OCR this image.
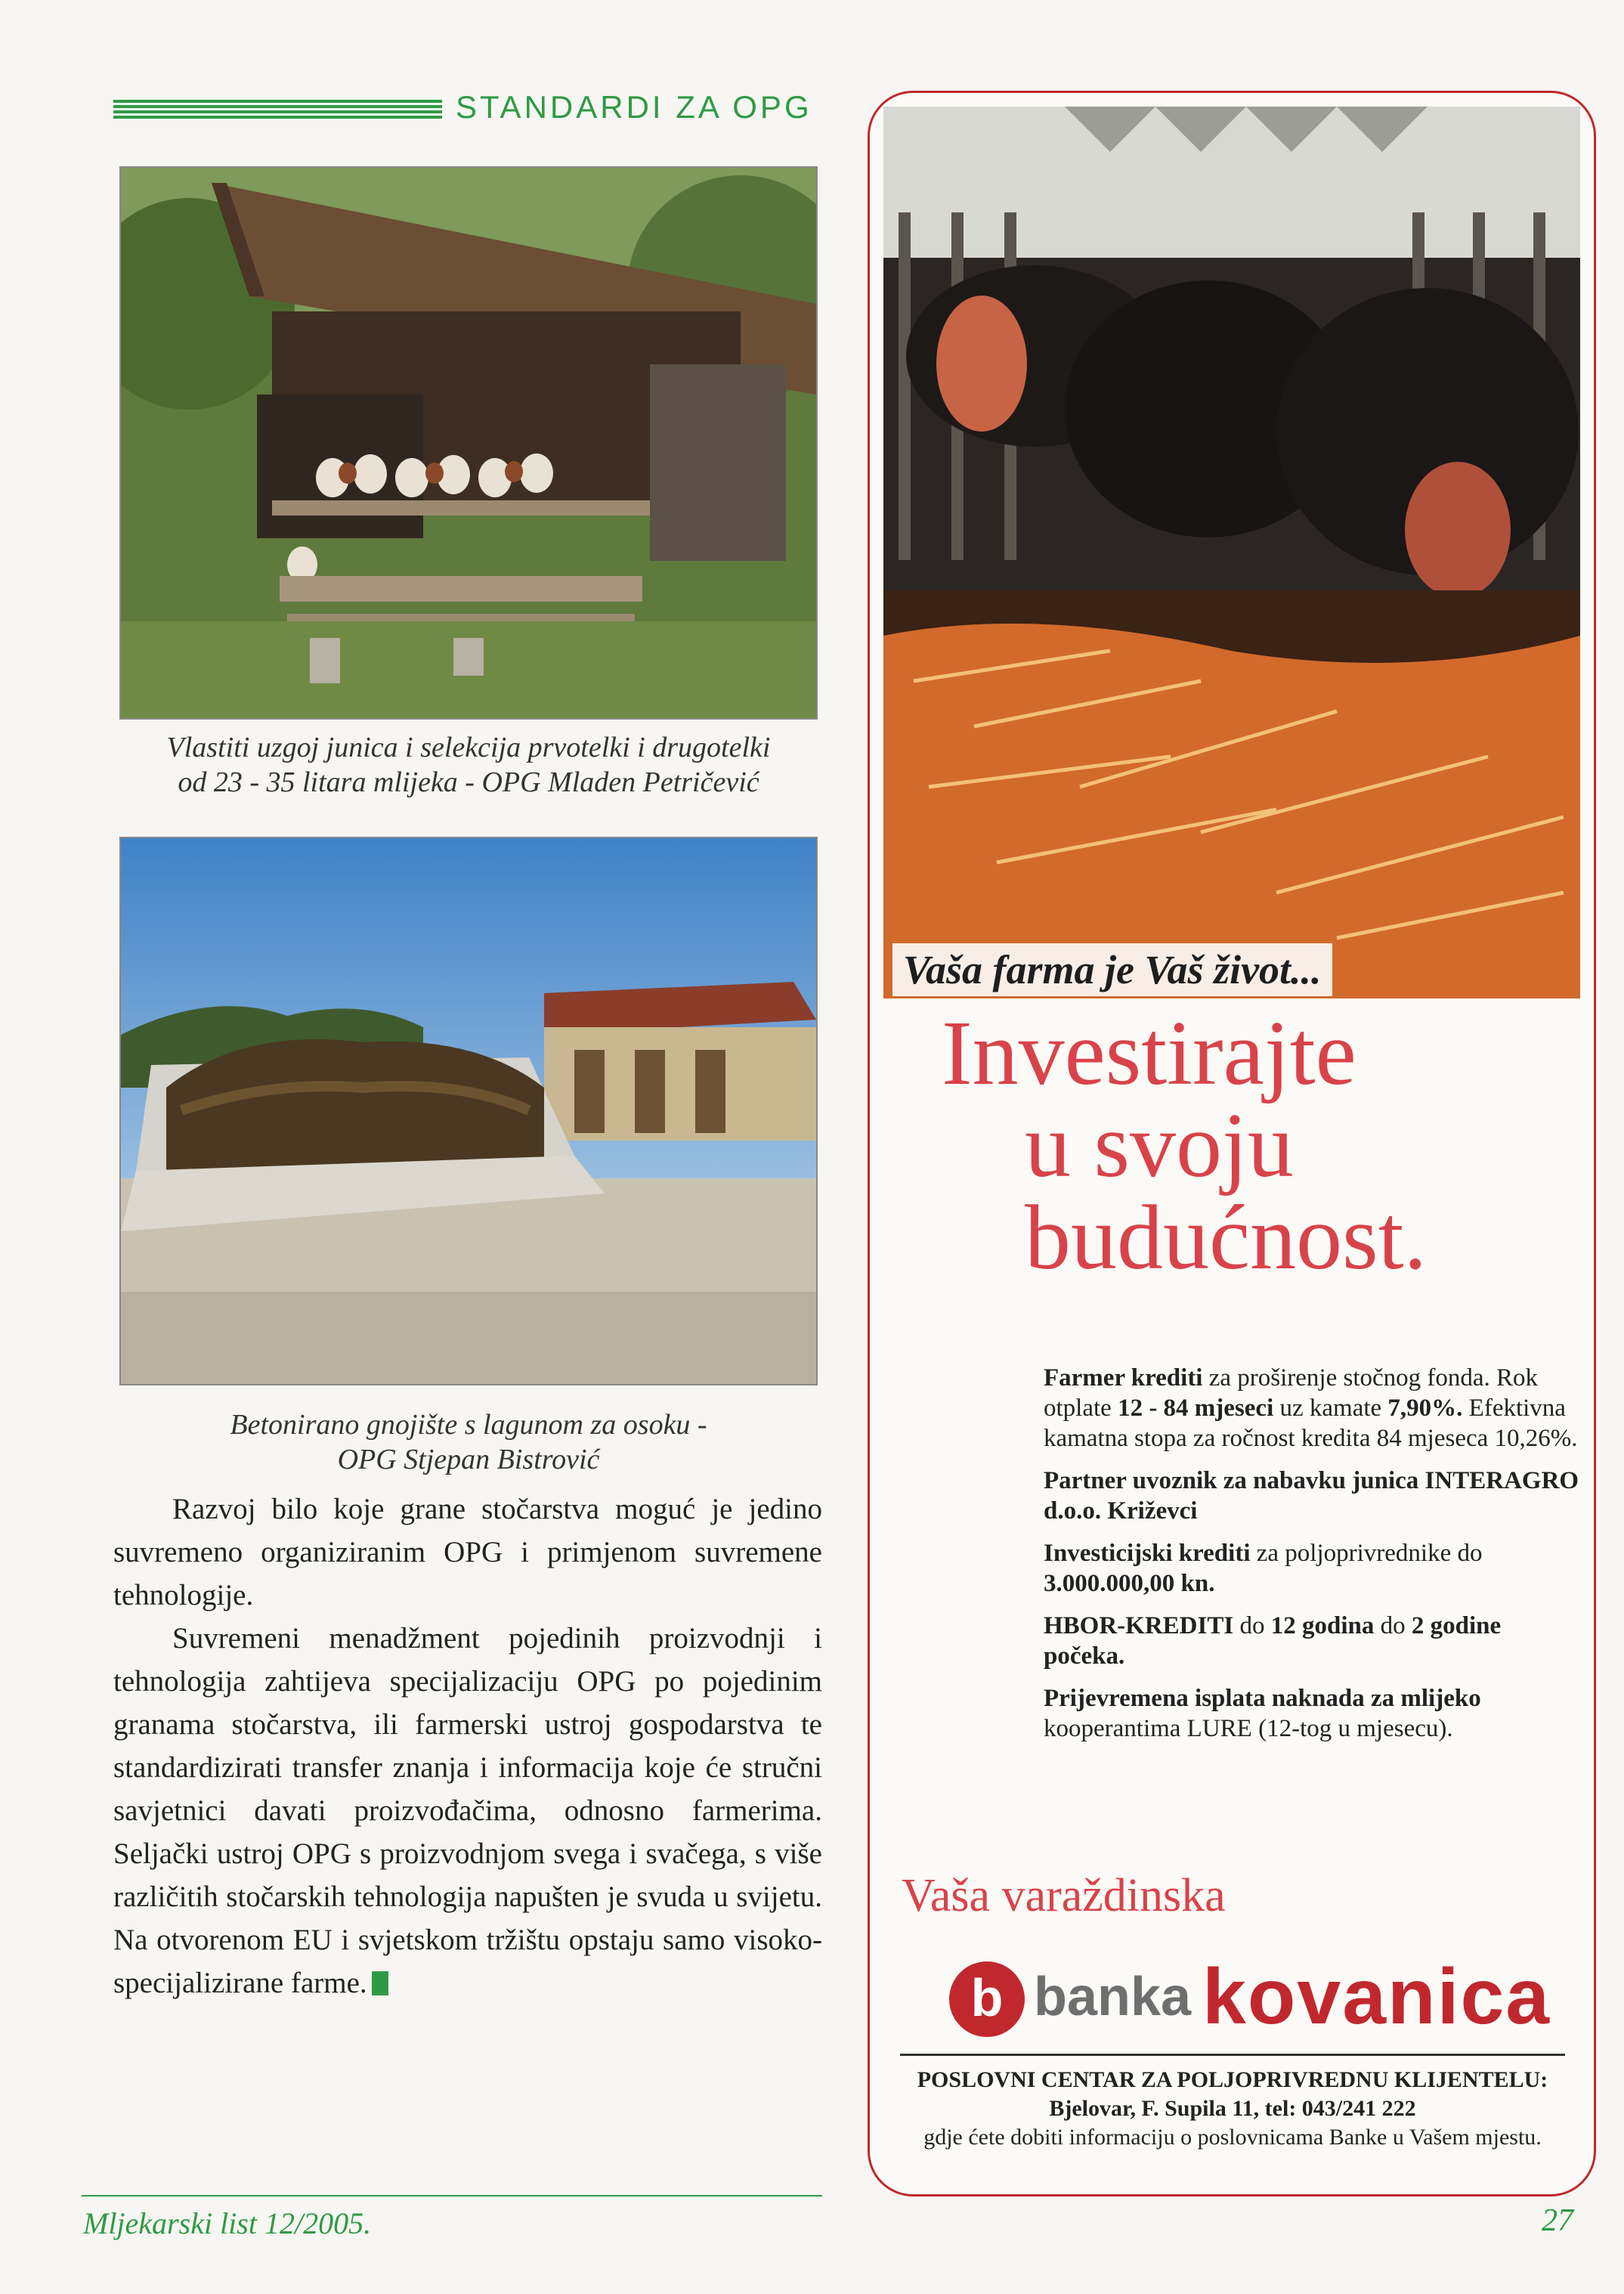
STANDARDI ZA OPG
Vlastiti uzgoj junica i selekcija prvotelki i drugotelki
od 23 - 35 litara mlijeka - OPG Mladen Petričević
Betonirano gnojište s lagunom za osoku -
OPG Stjepan Bistrović

Razvoj bilo koje grane stočarstva moguć je jedino suvremeno organiziranim OPG i primjenom suvremene tehnologije.

Suvremeni menadžment pojedinih proizvodnji i tehnologija zahtijeva specijalizaciju OPG po pojedinim granama stočarstva, ili farmerski ustroj gospodarstva te standardizirati transfer znanja i informacija koje će stručni savjetnici davati proizvođačima, odnosno farmerima. Seljački ustroj OPG s proizvodnjom svega i svačega, s više različitih stočarskih tehnologija napušten je svuda u svijetu. Na otvorenom EU i svjetskom tržištu opstaju samo visoko-specijalizirane farme.

Vaša farma je Vaš život...
Investirajte
u svoju
budućnost.
Farmer krediti za proširenje stočnog fonda. Rok otplate 12 - 84 mjeseci uz kamate 7,90%. Efektivna kamatna stopa za ročnost kredita 84 mjeseca 10,26%.
Partner uvoznik za nabavku junica INTERAGRO d.o.o. Križevci
Investicijski krediti za poljoprivrednike do 3.000.000,00 kn.
HBOR-KREDITI do 12 godina do 2 godine počeka.
Prijevremena isplata naknada za mlijeko kooperantima LURE (12-tog u mjesecu).
Vaša varaždinska
b banka kovanica
POSLOVNI CENTAR ZA POLJOPRIVREDNU KLIJENTELU:
Bjelovar, F. Supila 11, tel: 043/241 222
gdje ćete dobiti informaciju o poslovnicama Banke u Vašem mjestu.
Mljekarski list 12/2005.	27
